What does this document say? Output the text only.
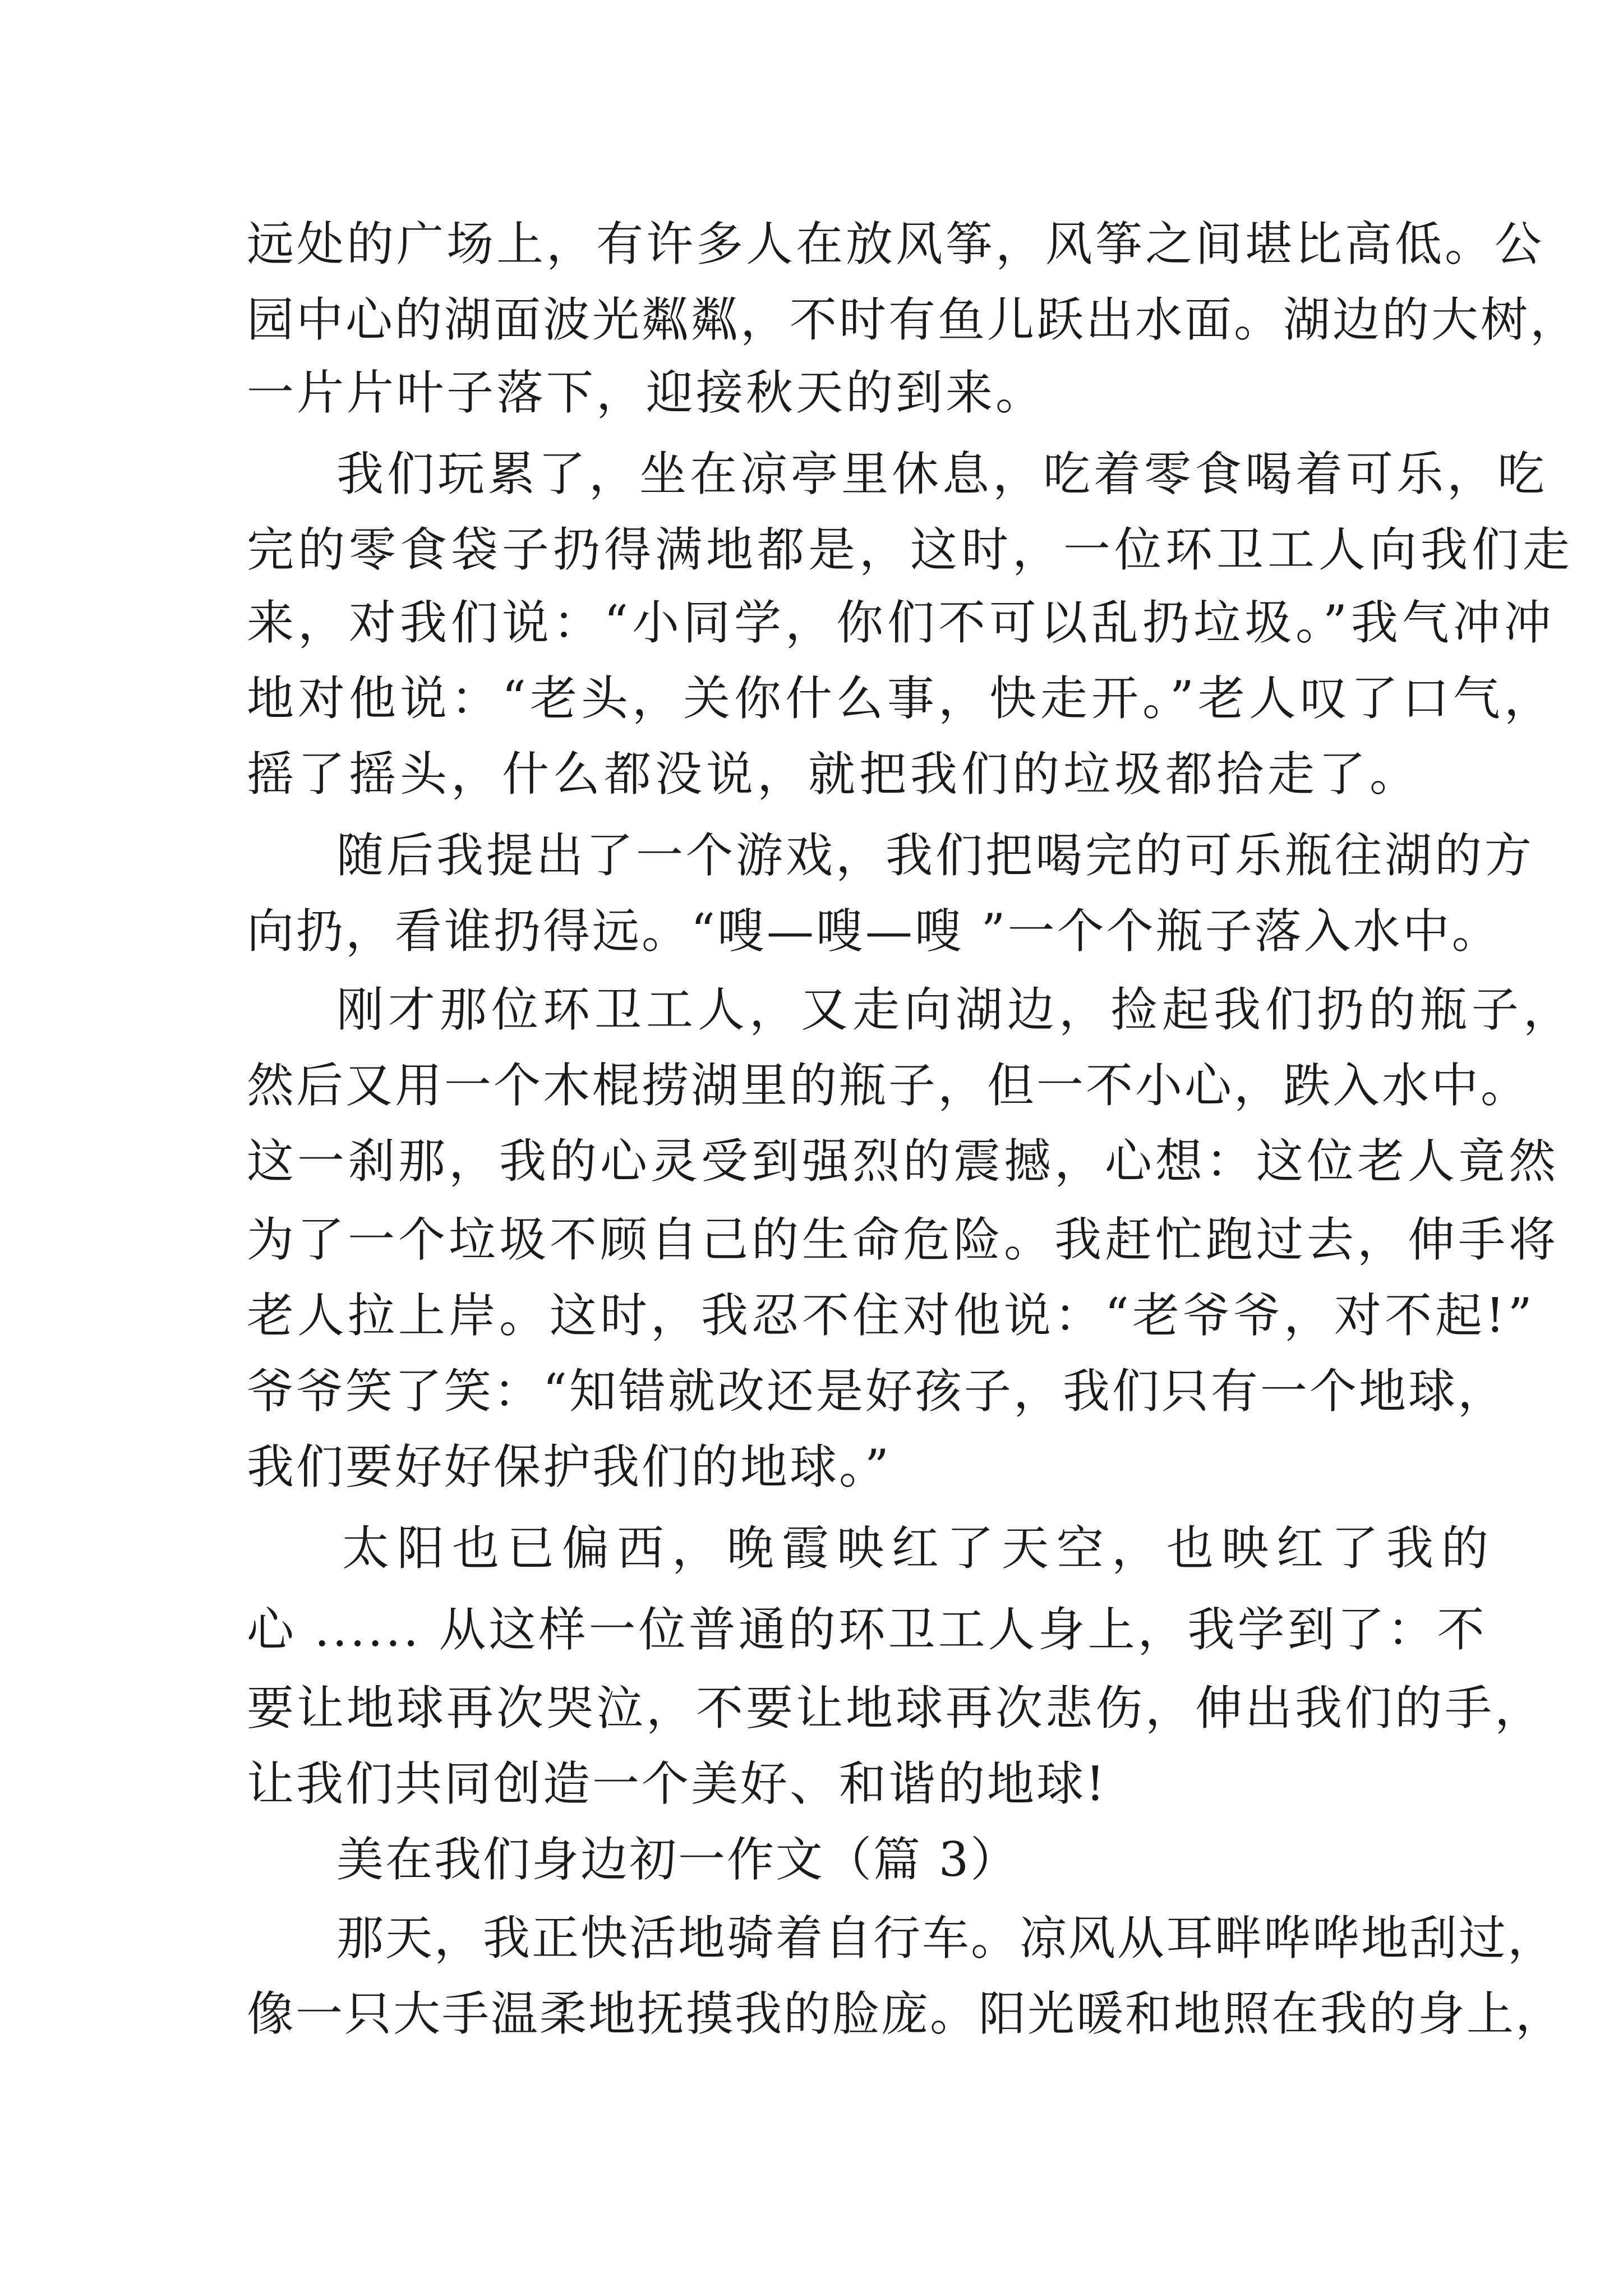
远处的广场上，有许多人在放风筝，风筝之间堪比高低。公
园中心的湖面波光粼粼，不时有鱼儿跃出水面。湖边的大树，
一片片叶子落下，迎接秋天的到来。
我们玩累了，坐在凉亭里休息，吃着零食喝着可乐，吃
完的零食袋子扔得满地都是，这时，一位环卫工人向我们走
来，对我们说：“小同学，你们不可以乱扔垃圾。”我气冲冲
地对他说：“老头，关你什么事，快走开。”老人叹了口气，
摇了摇头，什么都没说，就把我们的垃圾都拾走了。
随后我提出了一个游戏，我们把喝完的可乐瓶往湖的方
向扔，看谁扔得远。“嗖—嗖—嗖 ”一个个瓶子落入水中。
刚才那位环卫工人，又走向湖边，捡起我们扔的瓶子，
然后又用一个木棍捞湖里的瓶子，但一不小心，跌入水中。
这一刹那，我的心灵受到强烈的震撼，心想：这位老人竟然
为了一个垃圾不顾自己的生命危险。我赶忙跑过去，伸手将
老人拉上岸。这时，我忍不住对他说：“老爷爷，对不起!”
爷爷笑了笑：“知错就改还是好孩子，我们只有一个地球，
我们要好好保护我们的地球。”
太阳也已偏西，晚霞映红了天空，也映红了我的
心 ...... 从这样一位普通的环卫工人身上，我学到了：不
要让地球再次哭泣，不要让地球再次悲伤，伸出我们的手，
让我们共同创造一个美好、和谐的地球!
美在我们身边初一作文（篇 3）
那天，我正快活地骑着自行车。凉风从耳畔哗哗地刮过，
像一只大手温柔地抚摸我的脸庞。阳光暖和地照在我的身上，
